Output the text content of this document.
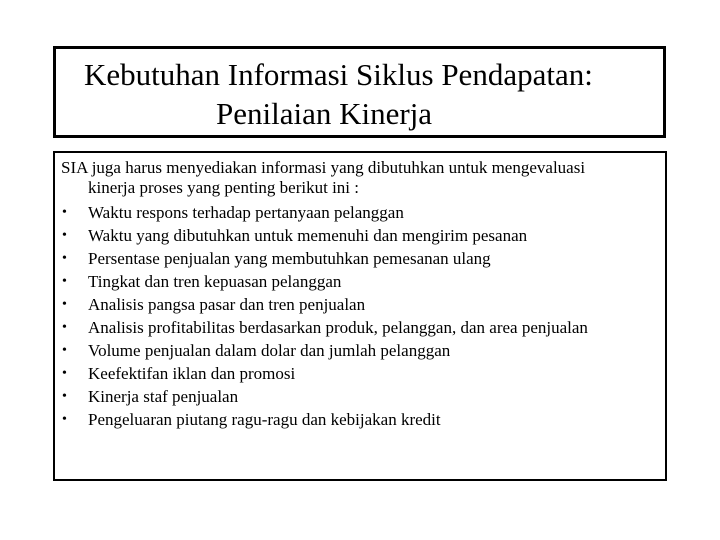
Kebutuhan Informasi Siklus Pendapatan:
Penilaian Kinerja
SIA juga harus menyediakan informasi yang dibutuhkan untuk mengevaluasi
kinerja proses yang penting berikut ini :
• Waktu respons terhadap pertanyaan pelanggan
• Waktu yang dibutuhkan untuk memenuhi dan mengirim pesanan
• Persentase penjualan yang membutuhkan pemesanan ulang
• Tingkat dan tren kepuasan pelanggan
• Analisis pangsa pasar dan tren penjualan
• Analisis profitabilitas berdasarkan produk, pelanggan, dan area penjualan
• Volume penjualan dalam dolar dan jumlah pelanggan
• Keefektifan iklan dan promosi
• Kinerja staf penjualan
• Pengeluaran piutang ragu-ragu dan kebijakan kredit
